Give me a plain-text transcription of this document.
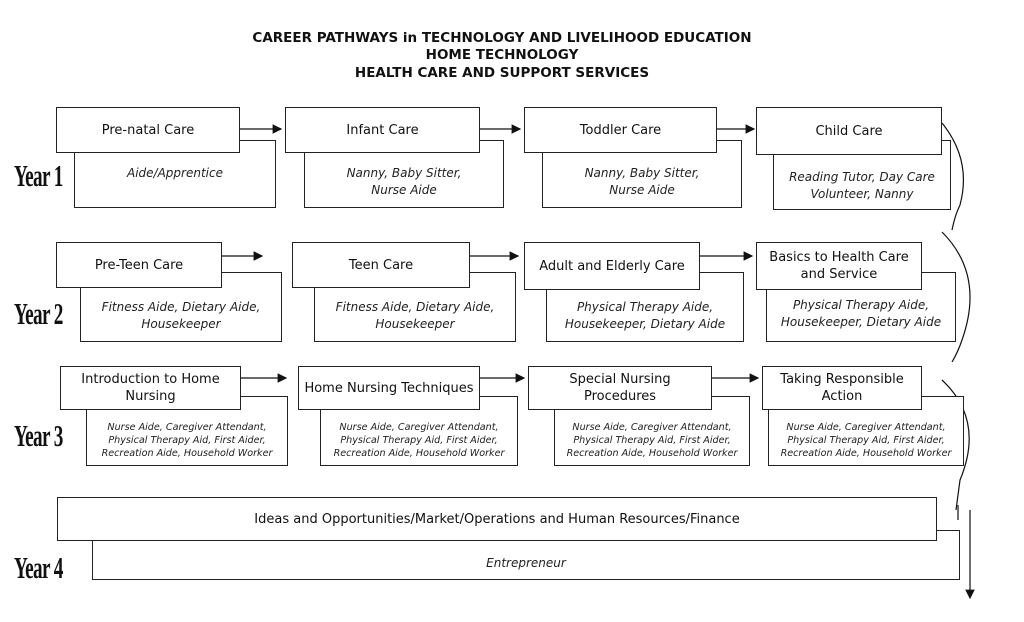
CAREER PATHWAYS in TECHNOLOGY AND LIVELIHOOD EDUCATION
HOME TECHNOLOGY
HEALTH CARE AND SUPPORT SERVICES
Year 1
Year 2
Year 3
Year 4
Aide/Apprentice
Pre-natal Care
Nanny, Baby Sitter, Nurse Aide
Infant Care
Nanny, Baby Sitter, Nurse Aide
Toddler Care
Reading Tutor, Day Care Volunteer, Nanny
Child Care
Fitness Aide, Dietary Aide, Housekeeper
Pre-Teen Care
Fitness Aide, Dietary Aide, Housekeeper
Teen Care
Physical Therapy Aide, Housekeeper, Dietary Aide
Adult and Elderly Care
Physical Therapy Aide, Housekeeper, Dietary Aide
Basics to Health Care and Service
Nurse Aide, Caregiver Attendant, Physical Therapy Aid, First Aider, Recreation Aide, Household Worker
Introduction to Home Nursing
Nurse Aide, Caregiver Attendant, Physical Therapy Aid, First Aider, Recreation Aide, Household Worker
Home Nursing Techniques
Nurse Aide, Caregiver Attendant, Physical Therapy Aid, First Aider, Recreation Aide, Household Worker
Special Nursing Procedures
Nurse Aide, Caregiver Attendant, Physical Therapy Aid, First Aider, Recreation Aide, Household Worker
Taking Responsible Action
Entrepreneur
Ideas and Opportunities/Market/Operations and Human Resources/Finance
